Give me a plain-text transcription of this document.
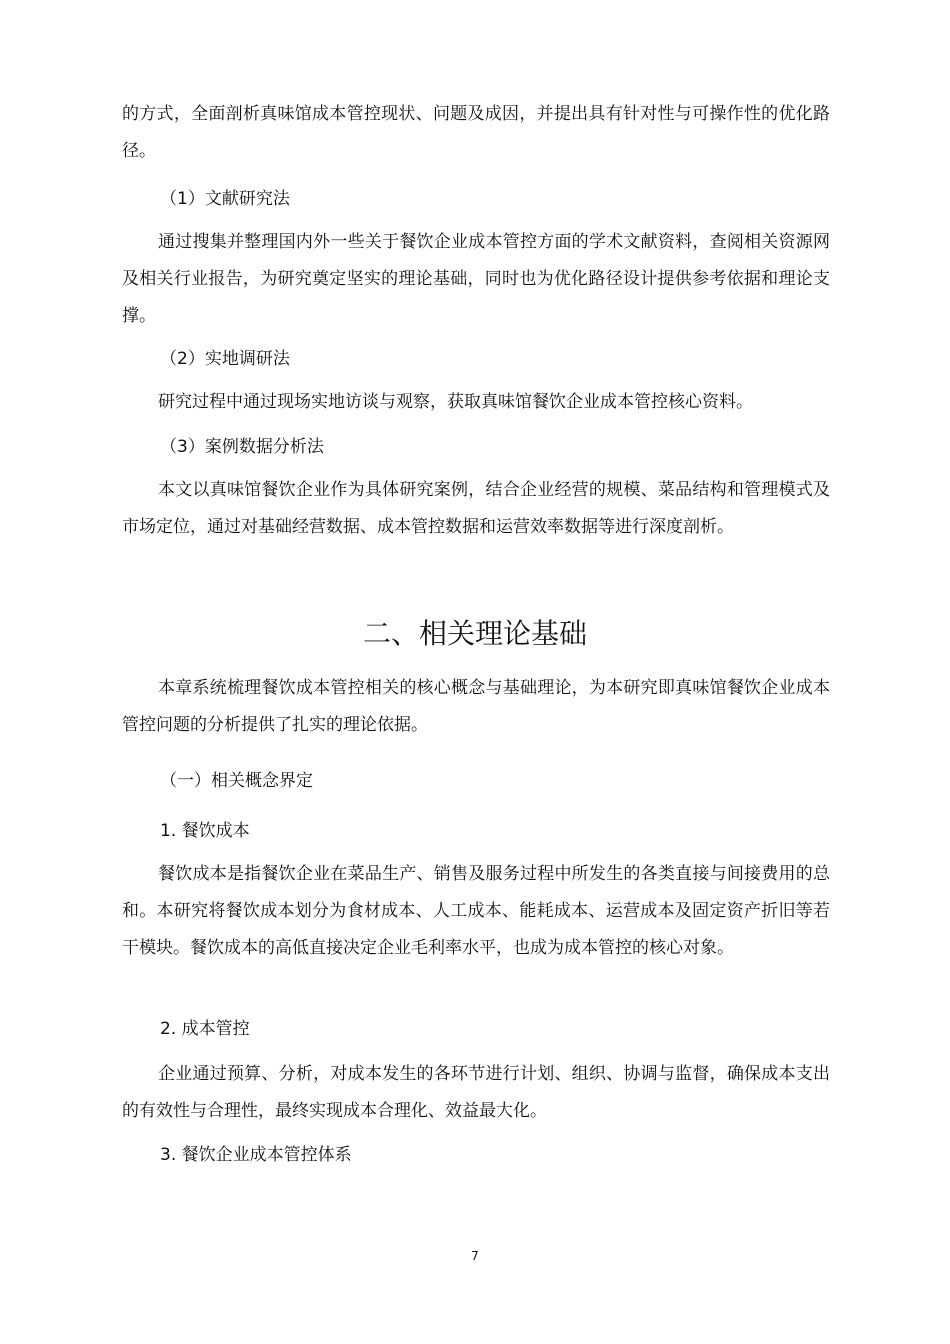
的方式，全面剖析真味馆成本管控现状、问题及成因，并提出具有针对性与可操作性的优化路径。

（1）文献研究法

通过搜集并整理国内外一些关于餐饮企业成本管控方面的学术文献资料，查阅相关资源网及相关行业报告，为研究奠定坚实的理论基础，同时也为优化路径设计提供参考依据和理论支撑。

（2）实地调研法

研究过程中通过现场实地访谈与观察，获取真味馆餐饮企业成本管控核心资料。

（3）案例数据分析法

本文以真味馆餐饮企业作为具体研究案例，结合企业经营的规模、菜品结构和管理模式及市场定位，通过对基础经营数据、成本管控数据和运营效率数据等进行深度剖析。

二、相关理论基础

本章系统梳理餐饮成本管控相关的核心概念与基础理论，为本研究即真味馆餐饮企业成本管控问题的分析提供了扎实的理论依据。

（一）相关概念界定
1. 餐饮成本

餐饮成本是指餐饮企业在菜品生产、销售及服务过程中所发生的各类直接与间接费用的总和。本研究将餐饮成本划分为食材成本、人工成本、能耗成本、运营成本及固定资产折旧等若干模块。餐饮成本的高低直接决定企业毛利率水平，也成为成本管控的核心对象。

2. 成本管控

企业通过预算、分析，对成本发生的各环节进行计划、组织、协调与监督，确保成本支出的有效性与合理性，最终实现成本合理化、效益最大化。

3. 餐饮企业成本管控体系
7
